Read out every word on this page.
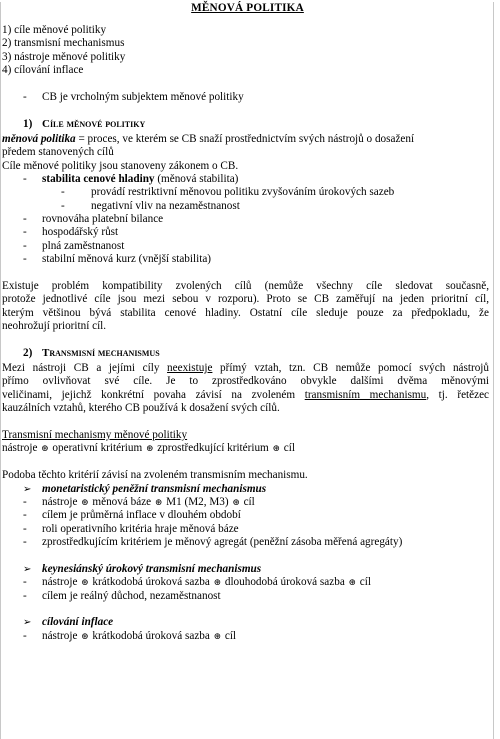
MĚNOVÁ POLITIKA
1) cíle měnové politiky
2) transmisní mechanismus
3) nástroje měnové politiky
4) cílování inflace
-	CB je vrcholným subjektem měnové politiky
1) Cíle měnové politiky
měnová politika = proces, ve kterém se CB snaží prostřednictvím svých nástrojů o dosažení
předem stanovených cílů
Cíle měnové politiky jsou stanoveny zákonem o CB.
-	stabilita cenové hladiny (měnová stabilita)
-	provádí restriktivní měnovou politiku zvyšováním úrokových sazeb
-	negativní vliv na nezaměstnanost
-	rovnováha platební bilance
-	hospodářský růst
-	plná zaměstnanost
-	stabilní měnová kurz (vnější stabilita)
Existuje problém kompatibility zvolených cílů (nemůže všechny cíle sledovat současně,
protože jednotlivé cíle jsou mezi sebou v rozporu). Proto se CB zaměřují na jeden prioritní cíl,
kterým většinou bývá stabilita cenové hladiny. Ostatní cíle sleduje pouze za předpokladu, že
neohrožují prioritní cíl.
2) Transmisní mechanismus
Mezi nástroji CB a jejími cíly neexistuje přímý vztah, tzn. CB nemůže pomocí svých nástrojů
přímo ovlivňovat své cíle. Je to zprostředkováno obvykle dalšími dvěma měnovými
veličinami, jejichž konkrétní povaha závisí na zvoleném transmisním mechanismu, tj. řetězec
kauzálních vztahů, kterého CB používá k dosažení svých cílů.
Transmisní mechanismy měnové politiky
nástroje ⊛ operativní kritérium ⊛ zprostředkující kritérium ⊛ cíl
Podoba těchto kritérií závisí na zvoleném transmisním mechanismu.
➢ monetaristický peněžní transmisní mechanismus
-	nástroje ⊛ měnová báze ⊛ M1 (M2, M3) ⊛ cíl
-	cílem je průměrná inflace v dlouhém období
-	roli operativního kritéria hraje měnová báze
-	zprostředkujícím kritériem je měnový agregát (peněžní zásoba měřená agregáty)
➢ keynesiánský úrokový transmisní mechanismus
-	nástroje ⊛ krátkodobá úroková sazba ⊛ dlouhodobá úroková sazba ⊛ cíl
-	cílem je reálný důchod, nezaměstnanost
➢ cílování inflace
-	nástroje ⊛ krátkodobá úroková sazba ⊛ cíl
